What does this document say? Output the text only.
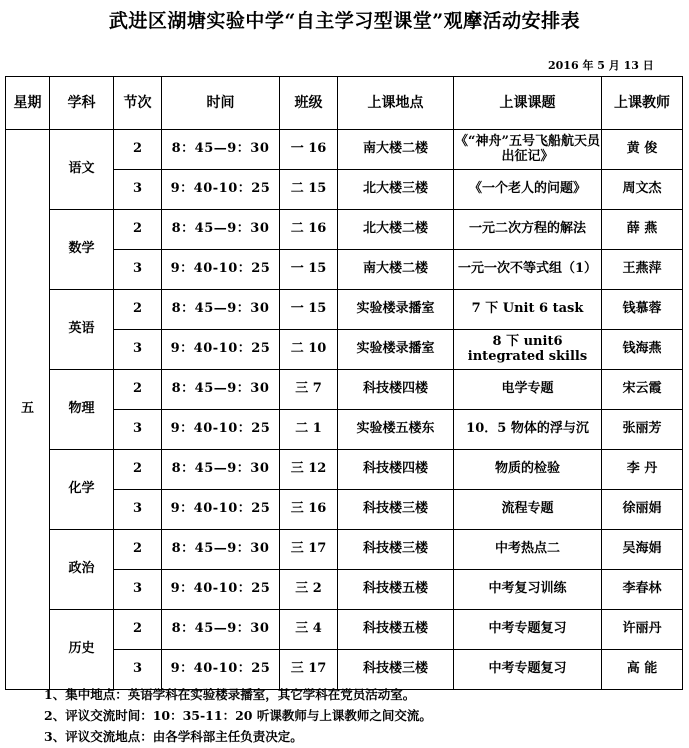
武进区湖塘实验中学“自主学习型课堂”观摩活动安排表
2016 年 5 月 13 日
星期	学科	节次	时间	班级	上课地点	上课课题	上课教师
五	语文	2	8：45—9：30	一 16	南大楼二楼	《“神舟”五号飞船航天员出征记》	黄 俊
		3	9：40-10：25	二 15	北大楼三楼	《一个老人的问题》	周文杰
	数学	2	8：45—9：30	二 16	北大楼二楼	一元二次方程的解法	薛 燕
		3	9：40-10：25	一 15	南大楼二楼	一元一次不等式组（1）	王燕萍
	英语	2	8：45—9：30	一 15	实验楼录播室	7 下 Unit 6 task	钱慕蓉
		3	9：40-10：25	二 10	实验楼录播室	8 下 unit6 integrated skills	钱海燕
	物理	2	8：45—9：30	三 7	科技楼四楼	电学专题	宋云霞
		3	9：40-10：25	二 1	实验楼五楼东	10．5 物体的浮与沉	张丽芳
	化学	2	8：45—9：30	三 12	科技楼四楼	物质的检验	李 丹
		3	9：40-10：25	三 16	科技楼三楼	流程专题	徐丽娟
	政治	2	8：45—9：30	三 17	科技楼三楼	中考热点二	吴海娟
		3	9：40-10：25	三 2	科技楼五楼	中考复习训练	李春林
	历史	2	8：45—9：30	三 4	科技楼五楼	中考专题复习	许丽丹
		3	9：40-10：25	三 17	科技楼三楼	中考专题复习	高 能
1、集中地点：英语学科在实验楼录播室，其它学科在党员活动室。
2、评议交流时间：10：35-11：20 听课教师与上课教师之间交流。
3、评议交流地点：由各学科部主任负责决定。
